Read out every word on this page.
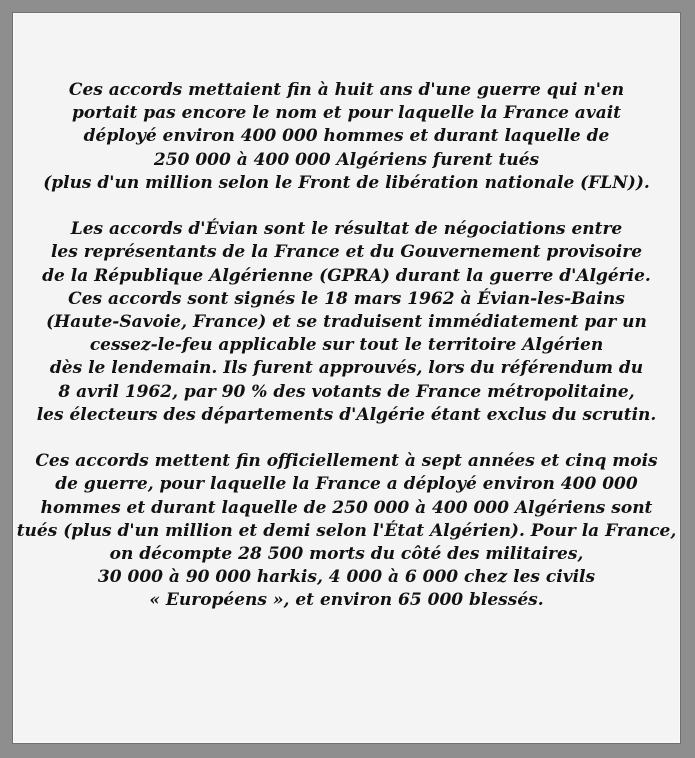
Ces accords mettaient fin à huit ans d'une guerre qui n'en
portait pas encore le nom et pour laquelle la France avait
déployé environ 400 000 hommes et durant laquelle de
250 000 à 400 000 Algériens furent tués
(plus d'un million selon le Front de libération nationale (FLN)).

Les accords d'Évian sont le résultat de négociations entre
les représentants de la France et du Gouvernement provisoire
de la République Algérienne (GPRA) durant la guerre d'Algérie.
Ces accords sont signés le 18 mars 1962 à Évian-les-Bains
(Haute-Savoie, France) et se traduisent immédiatement par un
cessez-le-feu applicable sur tout le territoire Algérien
dès le lendemain. Ils furent approuvés, lors du référendum du
8 avril 1962, par 90 % des votants de France métropolitaine,
les électeurs des départements d'Algérie étant exclus du scrutin.

Ces accords mettent fin officiellement à sept années et cinq mois
de guerre, pour laquelle la France a déployé environ 400 000
hommes et durant laquelle de 250 000 à 400 000 Algériens sont
tués (plus d'un million et demi selon l'État Algérien). Pour la France,
on décompte 28 500 morts du côté des militaires,
30 000 à 90 000 harkis, 4 000 à 6 000 chez les civils
« Européens », et environ 65 000 blessés.
